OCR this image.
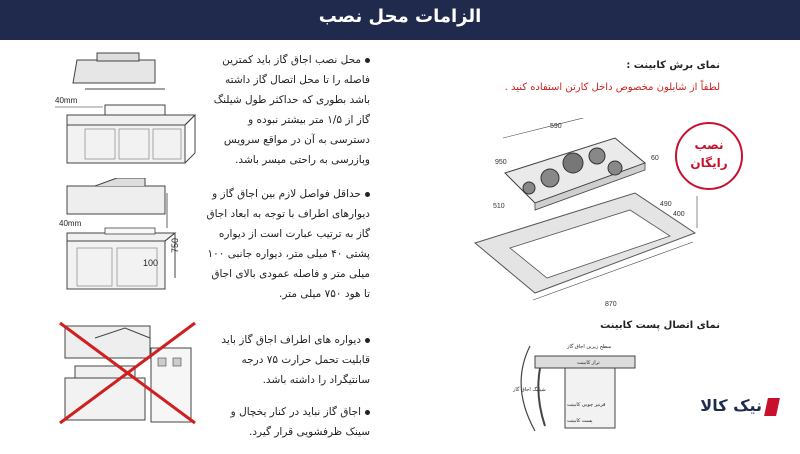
الزامات محل نصب
40mm
40mm
750
100
محل نصب اجاق گاز باید کمترین فاصله را تا محل اتصال گاز داشته باشد بطوری که حداکثر طول شیلنگ گاز از ۱/۵ متر بیشتر نبوده و دسترسی به آن در مواقع سرویس وبازرسی به راحتی میسر باشد.
حداقل فواصل لازم بین اجاق گاز و دیوارهای اطراف با توجه به ابعاد اجاق گاز به ترتیب عبارت است از دیواره پشتی ۴۰ میلی متر، دیواره جانبی ۱۰۰ میلی متر و فاصله عمودی بالای اجاق تا هود ۷۵۰ میلی متر.
دیواره های اطراف اجاق گاز باید قابلیت تحمل حرارت ۷۵ درجه سانتیگراد را داشته باشد.
اجاق گاز نباید در کنار یخچال و سینک ظرفشویی قرار گیرد.
نمای برش کابینت :
لطفاً از شابلون مخصوص داخل کارتن استفاده کنید .
590
950
60
510	490
400
870
نصب
رایگان
نمای اتصال پست کابینت
سطح زیرین اجاق گاز
تراز کابینت
شیلنگ اجاق گاز
قرنیز چوبی کابینت
پست کابینت
نیک کالا
